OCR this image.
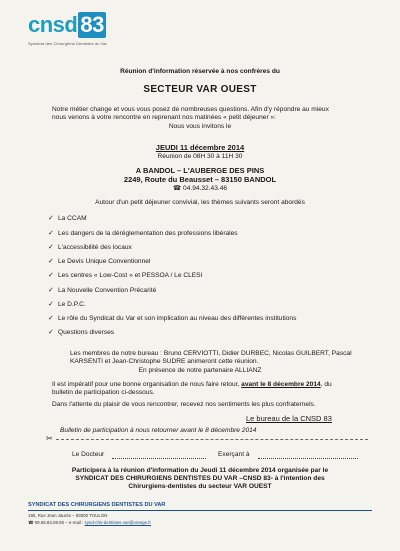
cnsd 83
Syndicat des Chirurgiens Dentistes du Var
Réunion d'information réservée à nos confrères du
SECTEUR VAR OUEST
Notre métier change et vous vous posez de nombreuses questions. Afin d'y répondre au mieux
nous venons à votre rencontre en reprenant nos matinées « petit déjeuner »:
Nous vous invitons le
JEUDI 11 décembre 2014
Réunion de 08H 30 à 11H 30
A BANDOL – L'AUBERGE DES PINS
2249, Route du Beausset – 83150 BANDOL
☎ 04.94.32.43.46
Autour d'un petit déjeuner convivial, les thèmes suivants seront abordés
✓ La CCAM
✓ Les dangers de la déréglementation des professions libérales
✓ L'accessibilité des locaux
✓ Le Devis Unique Conventionnel
✓ Les centres « Low-Cost » et PESSOA / Le CLESI
✓ La Nouvelle Convention Précarité
✓ Le D.P.C.
✓ Le rôle du Syndicat du Var et son implication au niveau des différentes institutions
✓ Questions diverses
Les membres de notre bureau : Bruno CERVIOTTI, Didier DURBEC, Nicolas GUILBERT, Pascal
KARSENTI et Jean-Christophe SUDRE animeront cette réunion.
En présence de notre partenaire ALLIANZ
Il est impératif pour une bonne organisation de nous faire retour, avant le 8 décembre 2014, du
bulletin de participation ci-dessous.
Dans l'attente du plaisir de vous rencontrer, recevez nos sentiments les plus confraternels.
Le bureau de la CNSD 83
Bulletin de participation à nous retourner avant le 8 décembre 2014
✂
Le Docteur	Exerçant à
Participera à la réunion d'information du Jeudi 11 décembre 2014 organisée par le
SYNDICAT DES CHIRURGIENS DENTISTES DU VAR –CNSD 83- à l'intention des
Chirurgiens-dentistes du secteur VAR OUEST
SYNDICAT DES CHIRURGIENS DENTISTES DU VAR
195, Rue Jean Jaurès – 83000 TOULON
☎ 09.66.84.08.90 – e-mail : synd-chir-dentistes-var@orange.fr
